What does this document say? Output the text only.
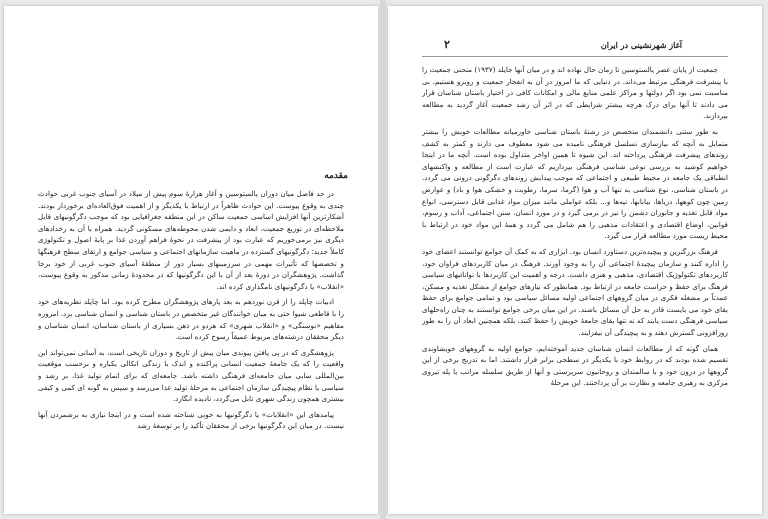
مقدمه

در حد فاصل میان دوران پالستوسین و آغاز هزارهٔ سوم پیش از میلاد در آسیای جنوب غربی حوادث چندی به وقوع پیوست. این حوادث ظاهراً در ارتباط با یکدیگر و از اهمیت فوق‌العاده‌ای برخوردار بودند. آشکارترین آنها افزایش اساسی جمعیت ساکن در این منطقه جغرافیایی بود که موجب دگرگونیهای قابل ملاحظه‌ای در توزیع جمعیت، ابعاد و دایمی شدن محوطه‌های مسکونی گردید. همراه با آن به رخدادهای دیگری نیز برمی‌خوریم که عبارت بود از پیشرفت در نحوهٔ فراهم آوردن غذا بر پایهٔ اصول و تکنولوژی کاملاً جدید؛ دگرگونیهای گسترده در ماهیت سازمانهای اجتماعی و سیاسی جوامع و ارتقای سطح فرهنگها و تخصصها که تأثیرات مهمی در سرزمینهای بسیار دور از منطقهٔ آسیای جنوب غربی از خود برجا گذاشت. پژوهشگران در دورهٔ بعد از آن با این دگرگونیها که در محدودهٔ زمانی مذکور به وقوع پیوست، «انقلاب» یا دگرگونیهای نامگذاری کرده اند.

ادبیات چاپلد را از قرن نوزدهم به بعد پارهای پژوهشگران مطرح کرده بود. اما چاپلد نظریه‌های خود را با قاطعی شیوا حتی به میان خوانندگان غیر متخصص در باستان شناسی و انسان شناسی برد. امروزه مفاهیم «نوسنگی» و «انقلاب شهری» که هردو در ذهن بسیاری از باستان شناسان، انسان شناسان و دیگر محققان درشته‌های مربوط عمیقاً رسوخ کرده است.

پژوهشگری که در پی پافتن پیوندی میان پیش از تاریخ و دوران تاریخی است، به آسانی نمی‌تواند این واقعیت را که یک جامعهٔ جمعیت انسانی پراکنده و اندک با زندگی اتکالی یکباره و برحسب موقعیت بین‌المللی سایی میان جامعه‌ای فرهنگی داشته باشد. جامعه‌ای که برای اتمام تولید غذا، بر رشد و سیاسی با نظام پیچیدگی سازمان اجتماعی به مرحلهٔ تولید غذا می‌رسد و سپس به گونه ای کمی و کیفی بیشتری همچون زندگی شهری تابل می‌گردد، نادیده انگارد.

پیامدهای این «انقلابات» یا دگرگونیها به خوبی شناخته شده است و در اینجا نیازی به برشمردن آنها نیست. در میان این دگرگونیها برخی از محققان تأکید را بر توسعهٔ رشد

آغاز شهرنشینی در ایران
۲

جمعیت از پایان عصر پالستوسین تا زمان حال نهاده اند و در میان آنها جایلد (۱۹۳۷) منحنی جمعیت را با پیشرفت فرهنگی مرتبط می‌داند. در دنیایی که ما امروز در آن به انفجار جمعیت و روبرو هستیم، بی مناسبت نمی بود اگر دولتها و مراکز علمی منابع مالی و امکانات کافی در اختیار باستان شناسان قرار می دادند تا آنها برای درک هرچه بیشتر شرایطی که در اثر آن رشد جمعیت آغاز گردید به مطالعه بپردازند.

به طور سنتی دانشمندان متخصص در رشتهٔ باستان شناسی خاورمیانه مطالعات خویش را بیشتر متمایل به آنچه که بیازسازی تسلسل فرهنگی نامیده می شود معطوف می دارند و کمتر به کشف روندهای پیشرفت فرهنگی پرداخته اند. این شیوه تا همین اواخر متداول بوده است. آنچه ما در اینجا خواهیم کوشید به بررسی نوعی شناسی فرهنگی بپردازیم که عبارت است از مطالعه و واکنشهای انطباقی یک جامعه در محیط طبیعی و اجتماعی که موجب پیدایش روندهای دگرگونی درونی می گردد. در باستان شناسی، نوع شناسی به تنها آب و هوا (گرما، سرما، رطوبت و خشکی هوا و باد) و عوارض زمین چون کوهها، دریاها، بیابانها، تپه‌ها و... بلکه عواملی مانند میزان مواد غذایی قابل دسترسی، انواع مواد قابل تغذیه و جانوران دشمن را نیز در برمی گیرد و در مورد انسان، سنن اجتماعی، آداب و رسوم، قوانین، اوضاع اقتصادی و اعتقادات مذهبی را هم شامل می گردد و همهٔ این مواد خود در ارتباط با محیط زیست مورد مطالعه قرار می گیرد.

فرهنگ بزرگترین و پیچیده‌ترین دستاورد انسان بود. ابزاری که به کمک آن جوامع توانستند اعضای خود را اداره کنند و سازمان پیچیدهٔ اجتماعی آن را به وجود آورند. فرهنگ در میان کاربردهای فراوان خود، کاربردهای تکنولوژیک اقتصادی، مذهبی و هنری داشت. درجه و اهمیت این کاربردها با توانائیهای سیاسی فرهنگ برای حفظ و حراست جامعه در ارتباط بود. همانطور که نیازهای جوامع از مشکل تغذیه و مسکن، عمدتاً بر مشغله فکری در میان گروههای اجتماعی اولیه مسائل سیاسی بود و تمامی جوامع برای حفظ بقای خود می بایست قادر به حل آن مسائل باشند. در این میان برخی جوامع توانستند به چنان راه‌حلهای سیاسی فرهنگی دست یابند که نه تنها بقای جامعهٔ خویش را حفظ کنند، بلکه همچنین ابعاد آن را به طور روزافزونی گسترش دهند و به پیچیدگی آن بیفزایند.

همان گونه که از مطالعات انسان شناسان جدید آموخته‌ایم، جوامع اولیه به گروههای خویشاوندی تقسیم شده بودند که در روابط خود با یکدیگر در سطحی برابر قرار داشتند. اما به تدریج برخی از این گروهها در درون خود و با سالمندان و روحانیون سرپرستی و آنها از طریق سلسله مراتب یا پله تیروی مرکزی به رهبری جامعه و نظارت بر آن پرداختند. این مرحلهٔ
